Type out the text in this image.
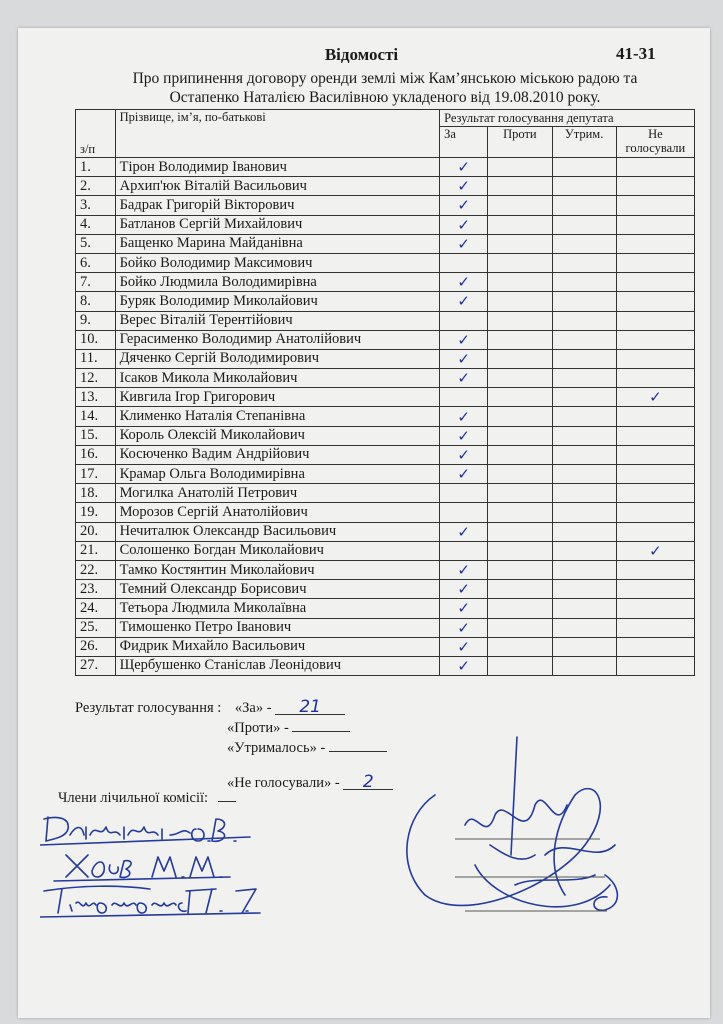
Відомості	41-31
Про припинення договору оренди землі між Кам’янською міською радою та
Остапенко Наталією Василівною укладеного від 19.08.2010 року.
з/п	Прізвище, ім’я, по-батькові	Результат голосування депутата			
		За	Проти	Утрим.	Не
голосували
1.	Тірон Володимир Іванович	✓			
2.	Архип'юк Віталій Васильович	✓			
3.	Бадрак Григорій Вікторович	✓			
4.	Батланов Сергій Михайлович	✓			
5.	Бащенко Марина Майданівна	✓			
6.	Бойко Володимир Максимович				
7.	Бойко Людмила Володимирівна	✓			
8.	Буряк Володимир Миколайович	✓			
9.	Верес Віталій Терентійович				
10.	Герасименко Володимир Анатолійович	✓			
11.	Дяченко Сергій Володимирович	✓			
12.	Ісаков Микола Миколайович	✓			
13.	Кивгила Ігор Григорович				✓
14.	Клименко Наталія Степанівна	✓			
15.	Король Олексій Миколайович	✓			
16.	Косюченко Вадим Андрійович	✓			
17.	Крамар Ольга Володимирівна	✓			
18.	Могилка Анатолій Петрович				
19.	Морозов Сергій Анатолійович				
20.	Нечиталюк Олександр Васильович	✓			
21.	Солошенко Богдан Миколайович				✓
22.	Тамко Костянтин Миколайович	✓			
23.	Темний Олександр Борисович	✓			
24.	Тетьора Людмила Миколаївна	✓			
25.	Тимошенко Петро Іванович	✓			
26.	Фидрик Михайло Васильович	✓			
27.	Щербушенко Станіслав Леонідович	✓			
Результат голосування : «За» - 21
«Проти» -
«Утрималось» -
«Не голосували» - 2
Члени лічильної комісії:
